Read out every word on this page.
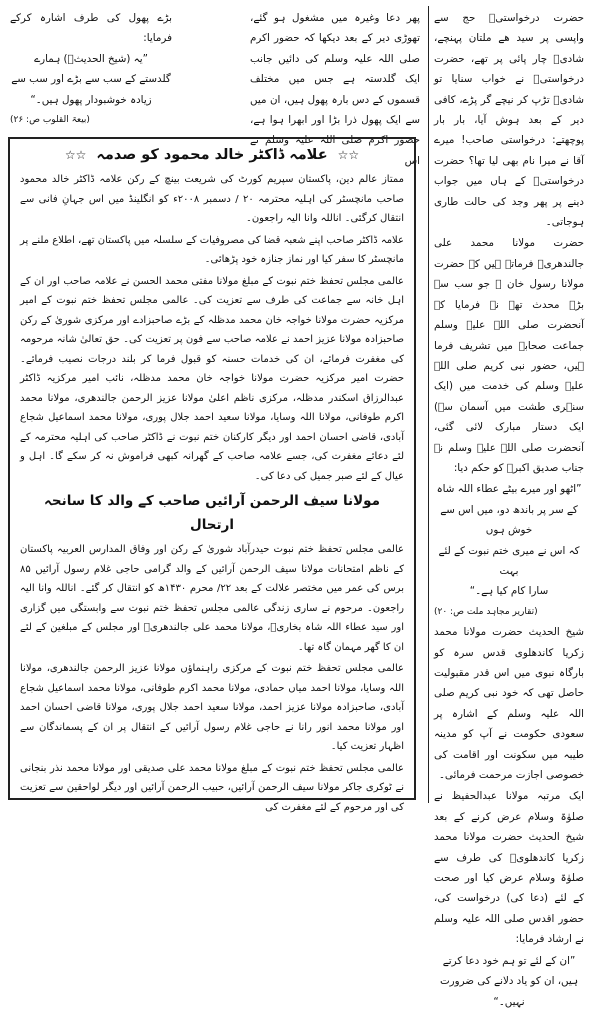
حضرت درخواستیؒ حج سے واپسی پر سید ھے ملتان پہنچے، شادیؒ چار پائی پر تھے، حضرت درخواستیؒ نے خواب سنایا تو شادیؒ تڑپ کر نیچے گر پڑے، کافی دیر کے بعد ہوش آیا، بار بار پوچھتے: درخواستی صاحب! میرے آقا نے میرا نام بھی لیا تھا؟ حضرت درخواستیؒ کے ہاں میں جواب دینے پر پھر وجد کی حالت طاری ہوجاتی۔

حضرت مولانا محمد علی جالندھریؒ فرماتے ہیں کہ حضرت مولانا رسول خان ؒ جو سب سے بڑے محدث تھے نے فرمایا کہ آنحضرت صلی اللہ علیہ وسلم جماعت صحابہ میں تشریف فرما ہیں، حضور نبی کریم صلی اللہ علیہ وسلم کی خدمت میں (ایک سنہری طشت میں آسمان سے) ایک دستار مبارک لائی گئی، آنحضرت صلی اللہ علیہ وسلم نے جناب صدیق اکبرؓ کو حکم دیا:

”اٹھو اور میرے بیٹے عطاء اللہ شاہ

کے سر پر باندھ دو، میں اس سے خوش ہوں

کہ اس نے میری ختم نبوت کے لئے بہت

سارا کام کیا ہے۔“

(تقاریر مجاہد ملت ص: ۲۰)

شیخ الحدیث حضرت مولانا محمد زکریا کاندھلوی قدس سرہ کو بارگاہ نبوی میں اس قدر مقبولیت حاصل تھی کہ خود نبی کریم صلی اللہ علیہ وسلم کے اشارہ پر سعودی حکومت نے آپ کو مدینہ طیبہ میں سکونت اور اقامت کی خصوصی اجازت مرحمت فرمائی۔

ایک مرتبہ مولانا عبدالحفیظ نے صلوٰۃ وسلام عرض کرنے کے بعد شیخ الحدیث حضرت مولانا محمد زکریا کاندھلویؒ کی طرف سے صلوٰۃ وسلام عرض کیا اور صحت کے لئے (دعا کی) درخواست کی، حضور اقدس صلی اللہ علیہ وسلم نے ارشاد فرمایا:

”ان کے لئے تو ہم خود دعا کرتے

ہیں، ان کو یاد دلانے کی ضرورت نہیں۔“

پھر دعا وغیرہ میں مشغول ہو گئے، تھوڑی دیر کے بعد دیکھا کہ حضور اکرم صلی اللہ علیہ وسلم کی دائیں جانب ایک گلدستہ ہے جس میں مختلف قسموں کے دس بارہ پھول ہیں، ان میں سے ایک پھول ذرا بڑا اور ابھرا ہوا ہے، حضور اکرم صلی اللہ علیہ وسلم نے اس
بڑے پھول کی طرف اشارہ کرکے فرمایا:
”یہ (شیخ الحدیثؒ) ہمارے
گلدستے کے سب سے بڑے اور سب سے
زیادہ خوشبودار پھول ہیں۔“
(بیعۃ القلوب ص: ۲۶)
☆☆
علامہ ڈاکٹر خالد محمود کو صدمہ
☆☆

ممتاز عالم دین، پاکستان سپریم کورٹ کی شریعت بینچ کے رکن علامہ ڈاکٹر خالد محمود صاحب مانچسٹر کی اہلیہ محترمہ ۲۰ / دسمبر ۲۰۰۸ء کو انگلینڈ میں اس جہانِ فانی سے انتقال کرگئی۔ اناللہ وانا الیہ راجعون۔

علامہ ڈاکٹر صاحب اپنے شعبہ قضا کی مصروفیات کے سلسلہ میں پاکستان تھے، اطلاع ملنے پر مانچسٹر کا سفر کیا اور نماز جنازہ خود پڑھائی۔

عالمی مجلس تحفظ ختم نبوت کے مبلغ مولانا مفتی محمد الحسن نے علامہ صاحب اور ان کے اہل خانہ سے جماعت کی طرف سے تعزیت کی۔ عالمی مجلس تحفظ ختم نبوت کے امیر مرکزیہ حضرت مولانا خواجہ خان محمد مدظلہ کے بڑے صاحبزادے اور مرکزی شوریٰ کے رکن صاحبزادہ مولانا عزیز احمد نے علامہ صاحب سے فون پر تعزیت کی۔ حق تعالیٰ شانہ مرحومہ کی مغفرت فرمائے، ان کی خدمات حسنہ کو قبول فرما کر بلند درجات نصیب فرمائے۔ حضرت امیر مرکزیہ حضرت مولانا خواجہ خان محمد مدظلہ، نائب امیر مرکزیہ ڈاکٹر عبدالرزاق اسکندر مدظلہ، مرکزی ناظم اعلیٰ مولانا عزیز الرحمن جالندھری، مولانا محمد اکرم طوفانی، مولانا اللہ وسایا، مولانا سعید احمد جلال پوری، مولانا محمد اسماعیل شجاع آبادی، قاضی احسان احمد اور دیگر کارکنان ختم نبوت نے ڈاکٹر صاحب کی اہلیہ محترمہ کے لئے دعائے مغفرت کی، جسے علامہ صاحب کے گھرانہ کبھی فراموش نہ کر سکے گا۔ اہل و عیال کے لئے صبر جمیل کی دعا کی۔

مولانا سیف الرحمن آرائیں صاحب کے والد کا سانحہ ارتحال

عالمی مجلس تحفظ ختم نبوت حیدرآباد شوریٰ کے رکن اور وفاق المدارس العربیہ پاکستان کے ناظم امتحانات مولانا سیف الرحمن آرائیں کے والد گرامی حاجی غلام رسول آرائیں ۸۵ برس کی عمر میں مختصر علالت کے بعد ۲۲/ محرم ۱۴۳۰ھ کو انتقال کر گئے۔ اناللہ وانا الیہ راجعون۔ مرحوم نے ساری زندگی عالمی مجلس تحفظ ختم نبوت سے وابستگی میں گزاری اور سید عطاء اللہ شاہ بخاریؒ، مولانا محمد علی جالندھریؒ اور مجلس کے مبلغین کے لئے ان کا گھر مہمان گاہ تھا۔

عالمی مجلس تحفظ ختم نبوت کے مرکزی راہنماؤں مولانا عزیز الرحمن جالندھری، مولانا اللہ وسایا، مولانا احمد میاں حمادی، مولانا محمد اکرم طوفانی، مولانا محمد اسماعیل شجاع آبادی، صاحبزادہ مولانا عزیز احمد، مولانا سعید احمد جلال پوری، مولانا قاضی احسان احمد اور مولانا محمد انور رانا نے حاجی غلام رسول آرائیں کے انتقال پر ان کے پسماندگان سے اظہار تعزیت کیا۔

عالمی مجلس تحفظ ختم نبوت کے مبلغ مولانا محمد علی صدیقی اور مولانا محمد نذر بنجانی نے ٹوکری جاکر مولانا سیف الرحمن آرائیں، حبیب الرحمن آرائیں اور دیگر لواحقین سے تعزیت کی اور مرحوم کے لئے مغفرت کی
